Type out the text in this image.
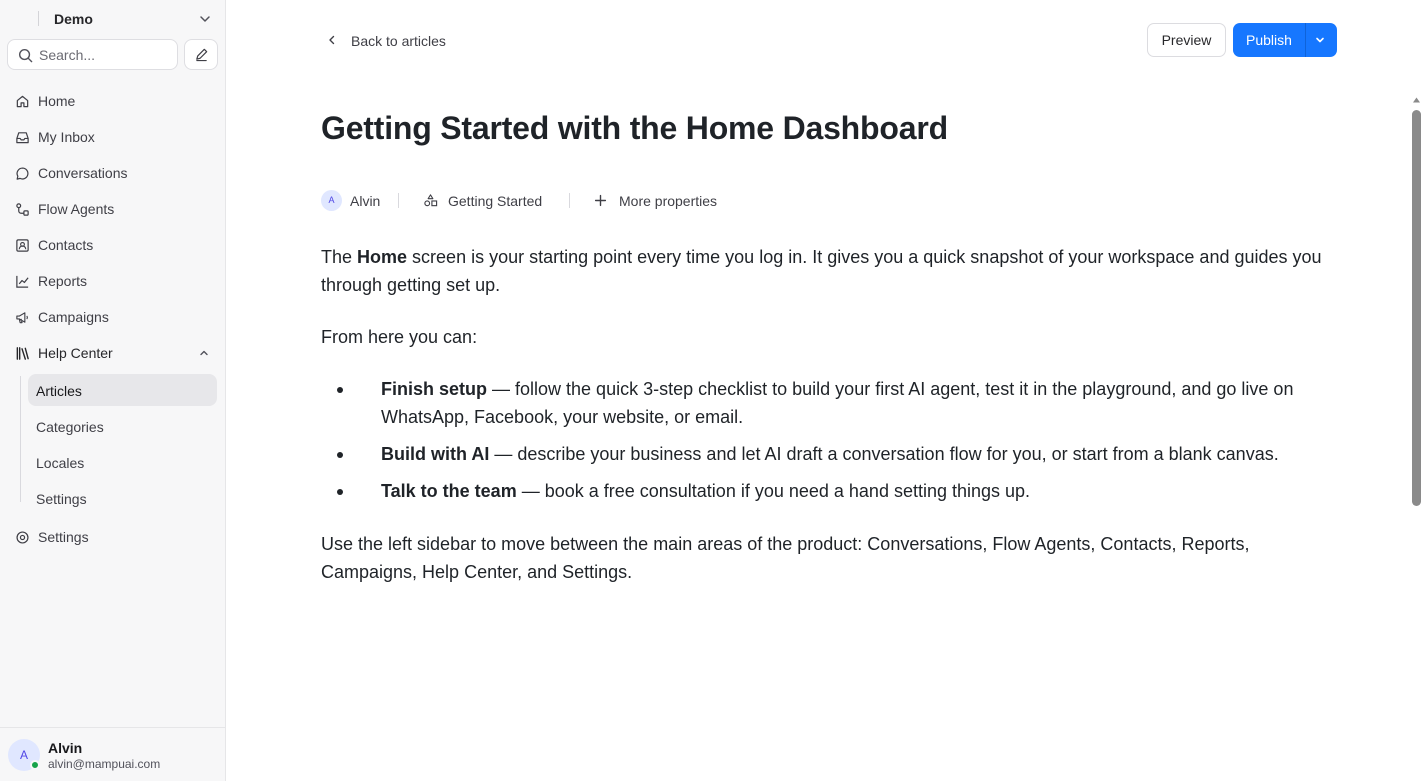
Demo
Search...
Home
My Inbox
Conversations
Flow Agents
Contacts
Reports
Campaigns
Help Center
Articles
Categories
Locales
Settings
Settings
A	Alvin
alvin@mampuai.com
Back to articles	Preview	Publish
Getting Started with the Home Dashboard
A	Alvin	Getting Started	More properties

The Home screen is your starting point every time you log in. It gives you a quick snapshot of your workspace and guides you through getting set up.

From here you can:

Finish setup — follow the quick 3-step checklist to build your first AI agent, test it in the playground, and go live on WhatsApp, Facebook, your website, or email.
Build with AI — describe your business and let AI draft a conversation flow for you, or start from a blank canvas.
Talk to the team — book a free consultation if you need a hand setting things up.

Use the left sidebar to move between the main areas of the product: Conversations, Flow Agents, Contacts, Reports, Campaigns, Help Center, and Settings.
